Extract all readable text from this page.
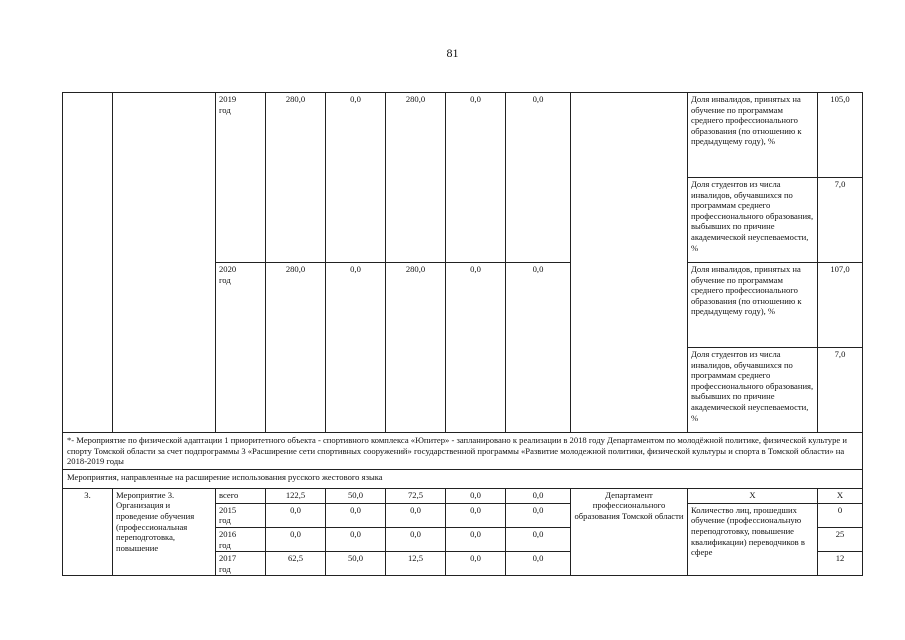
81
		2019
год	280,0	0,0	280,0	0,0	0,0		Доля инвалидов, принятых на обучение по программам среднего профессионального образования (по отношению к предыдущему году), %	105,0
									Доля студентов из числа инвалидов, обучавшихся по программам среднего профессионального образования, выбывших по причине академической неуспеваемости, %	7,0
		2020
год	280,0	0,0	280,0	0,0	0,0		Доля инвалидов, принятых на обучение по программам среднего профессионального образования (по отношению к предыдущему году), %	107,0
									Доля студентов из числа инвалидов, обучавшихся по программам среднего профессионального образования, выбывших по причине академической неуспеваемости, %	7,0
*- Мероприятие по физической адаптации 1 приоритетного объекта - спортивного комплекса «Юпитер» - запланировано к реализации в 2018 году Департаментом по молодёжной политике, физической культуре и спорту Томской области за счет подпрограммы 3 «Расширение сети спортивных сооружений» государственной программы «Развитие молодежной политики, физической культуры и спорта в Томской области» на 2018-2019 годы										
Мероприятия, направленные на расширение использования русского жестового языка										
3.	Мероприятие 3. Организация и проведение обучения (профессиональная переподготовка, повышение	всего	122,5	50,0	72,5	0,0	0,0	Департамент профессионального образования Томской области	X	X
		2015
год	0,0	0,0	0,0	0,0	0,0		Количество лиц, прошедших обучение (профессиональную переподготовку, повышение квалификации) переводчиков в сфере	0
		2016
год	0,0	0,0	0,0	0,0	0,0			25
		2017
год	62,5	50,0	12,5	0,0	0,0			12
